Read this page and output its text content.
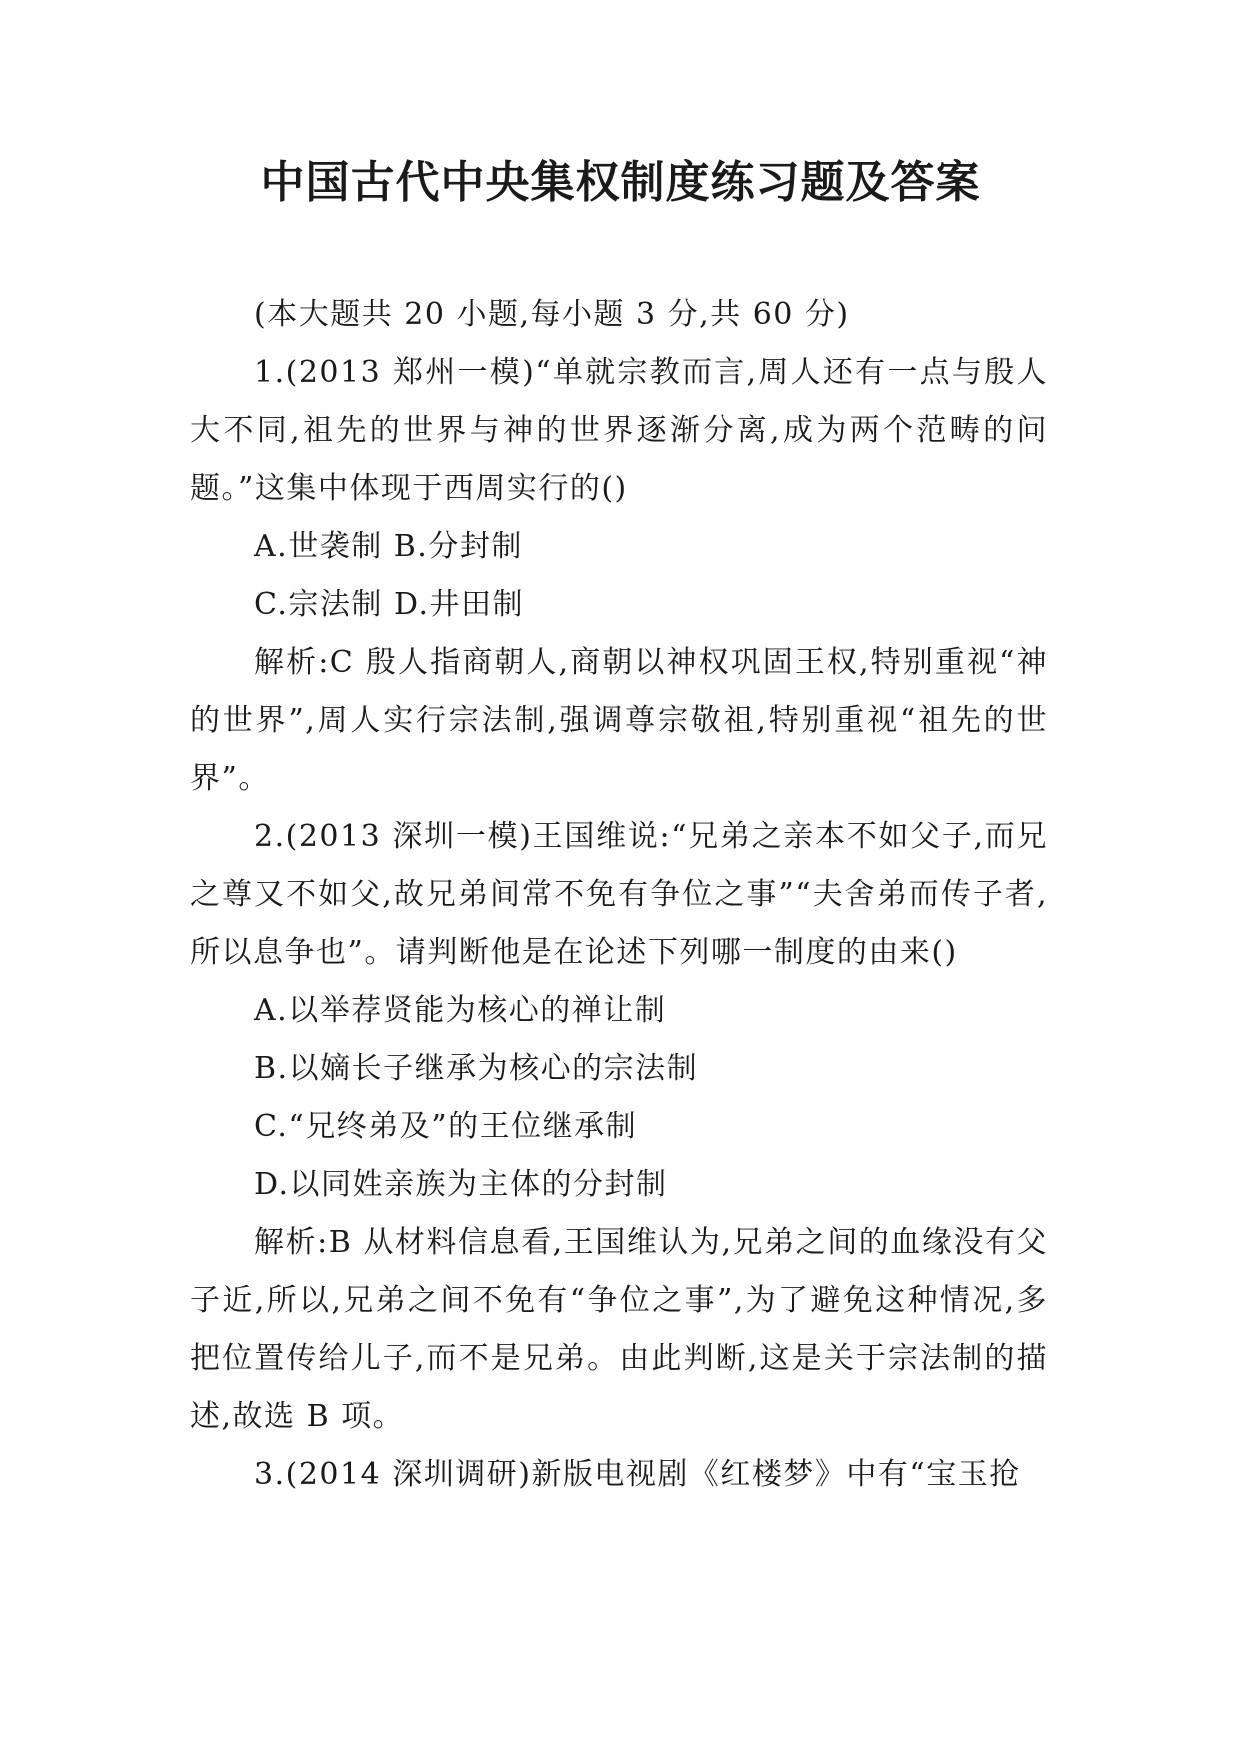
中国古代中央集权制度练习题及答案

(本大题共 20 小题,每小题 3 分,共 60 分)

1.(2013 郑州一模)“单就宗教而言,周人还有一点与殷人大不同,祖先的世界与神的世界逐渐分离,成为两个范畴的问题。”这集中体现于西周实行的()

A.世袭制 B.分封制

C.宗法制 D.井田制

解析:C 殷人指商朝人,商朝以神权巩固王权,特别重视“神的世界”,周人实行宗法制,强调尊宗敬祖,特别重视“祖先的世界”。

2.(2013 深圳一模)王国维说:“兄弟之亲本不如父子,而兄之尊又不如父,故兄弟间常不免有争位之事”“夫舍弟而传子者,所以息争也”。请判断他是在论述下列哪一制度的由来()

A.以举荐贤能为核心的禅让制

B.以嫡长子继承为核心的宗法制

C.“兄终弟及”的王位继承制

D.以同姓亲族为主体的分封制

解析:B 从材料信息看,王国维认为,兄弟之间的血缘没有父子近,所以,兄弟之间不免有“争位之事”,为了避免这种情况,多把位置传给儿子,而不是兄弟。由此判断,这是关于宗法制的描述,故选 B 项。

3.(2014 深圳调研)新版电视剧《红楼梦》中有“宝玉抢
